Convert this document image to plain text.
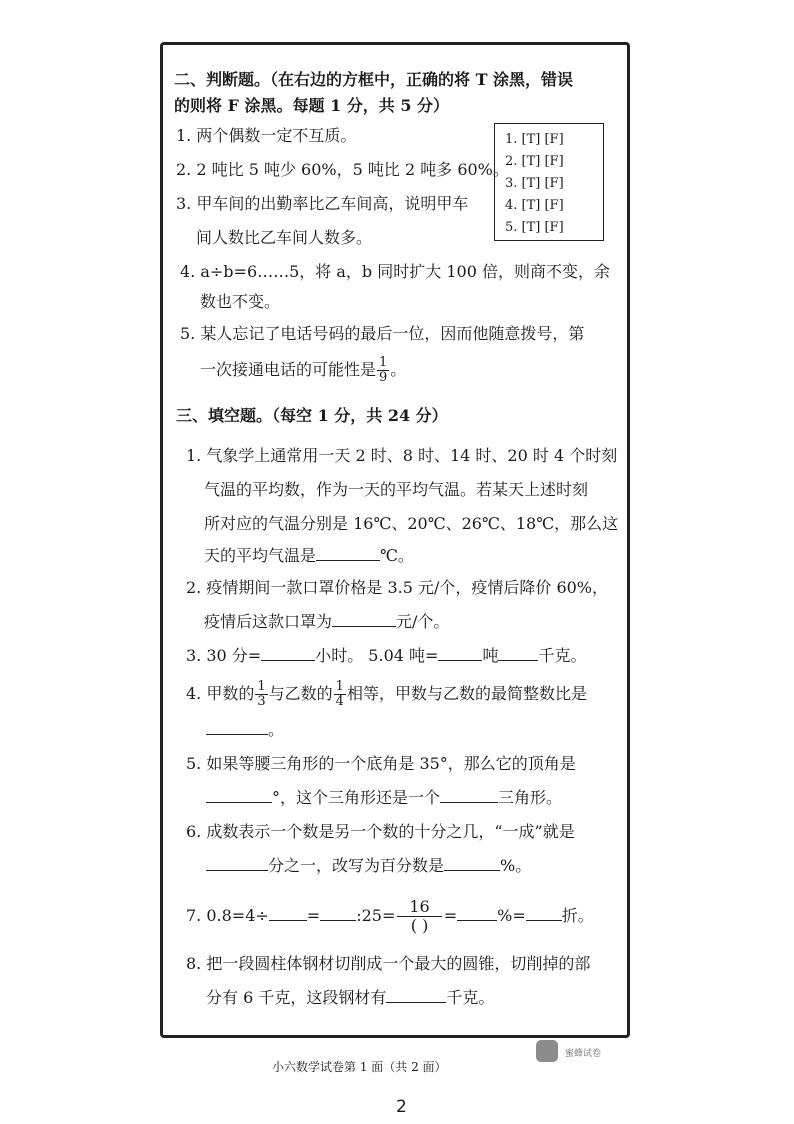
二、判断题。（在右边的方框中，正确的将 T 涂黑，错误
的则将 F 涂黑。每题 1 分，共 5 分）
1. 两个偶数一定不互质。
2. 2 吨比 5 吨少 60%，5 吨比 2 吨多 60%。
3. 甲车间的出勤率比乙车间高，说明甲车
间人数比乙车间人数多。
4. a÷b=6……5，将 a，b 同时扩大 100 倍，则商不变，余
数也不变。
5. 某人忘记了电话号码的最后一位，因而他随意拨号，第
一次接通电话的可能性是 $\frac{1}{9}$ 。
1. [T] [F]
2. [T] [F]
3. [T] [F]
4. [T] [F]
5. [T] [F]
三、填空题。（每空 1 分，共 24 分）
1. 气象学上通常用一天 2 时、8 时、14 时、20 时 4 个时刻
气温的平均数，作为一天的平均气温。若某天上述时刻
所对应的气温分别是 16℃、20℃、26℃、18℃，那么这
天的平均气温是	℃。
2. 疫情期间一款口罩价格是 3.5 元/个，疫情后降价 60%，
疫情后这款口罩为	元/个。
3. 30 分=	小时。 5.04 吨=	吨	千克。
4. 甲数的 $\frac{1}{3}$ 与乙数的 $\frac{1}{4}$ 相等，甲数与乙数的最简整数比是
。
5. 如果等腰三角形的一个底角是 35°，那么它的顶角是
°，这个三角形还是一个	三角形。
6. 成数表示一个数是另一个数的十分之几，“一成”就是
分之一，改写为百分数是	%。
7. 0.8=4÷ = :25= 16
( )
=	%= 折。
8. 把一段圆柱体钢材切削成一个最大的圆锥，切削掉的部
分有 6 千克，这段钢材有	千克。
小六数学试卷第 1 面（共 2 面）
蜜蜂试卷
2
